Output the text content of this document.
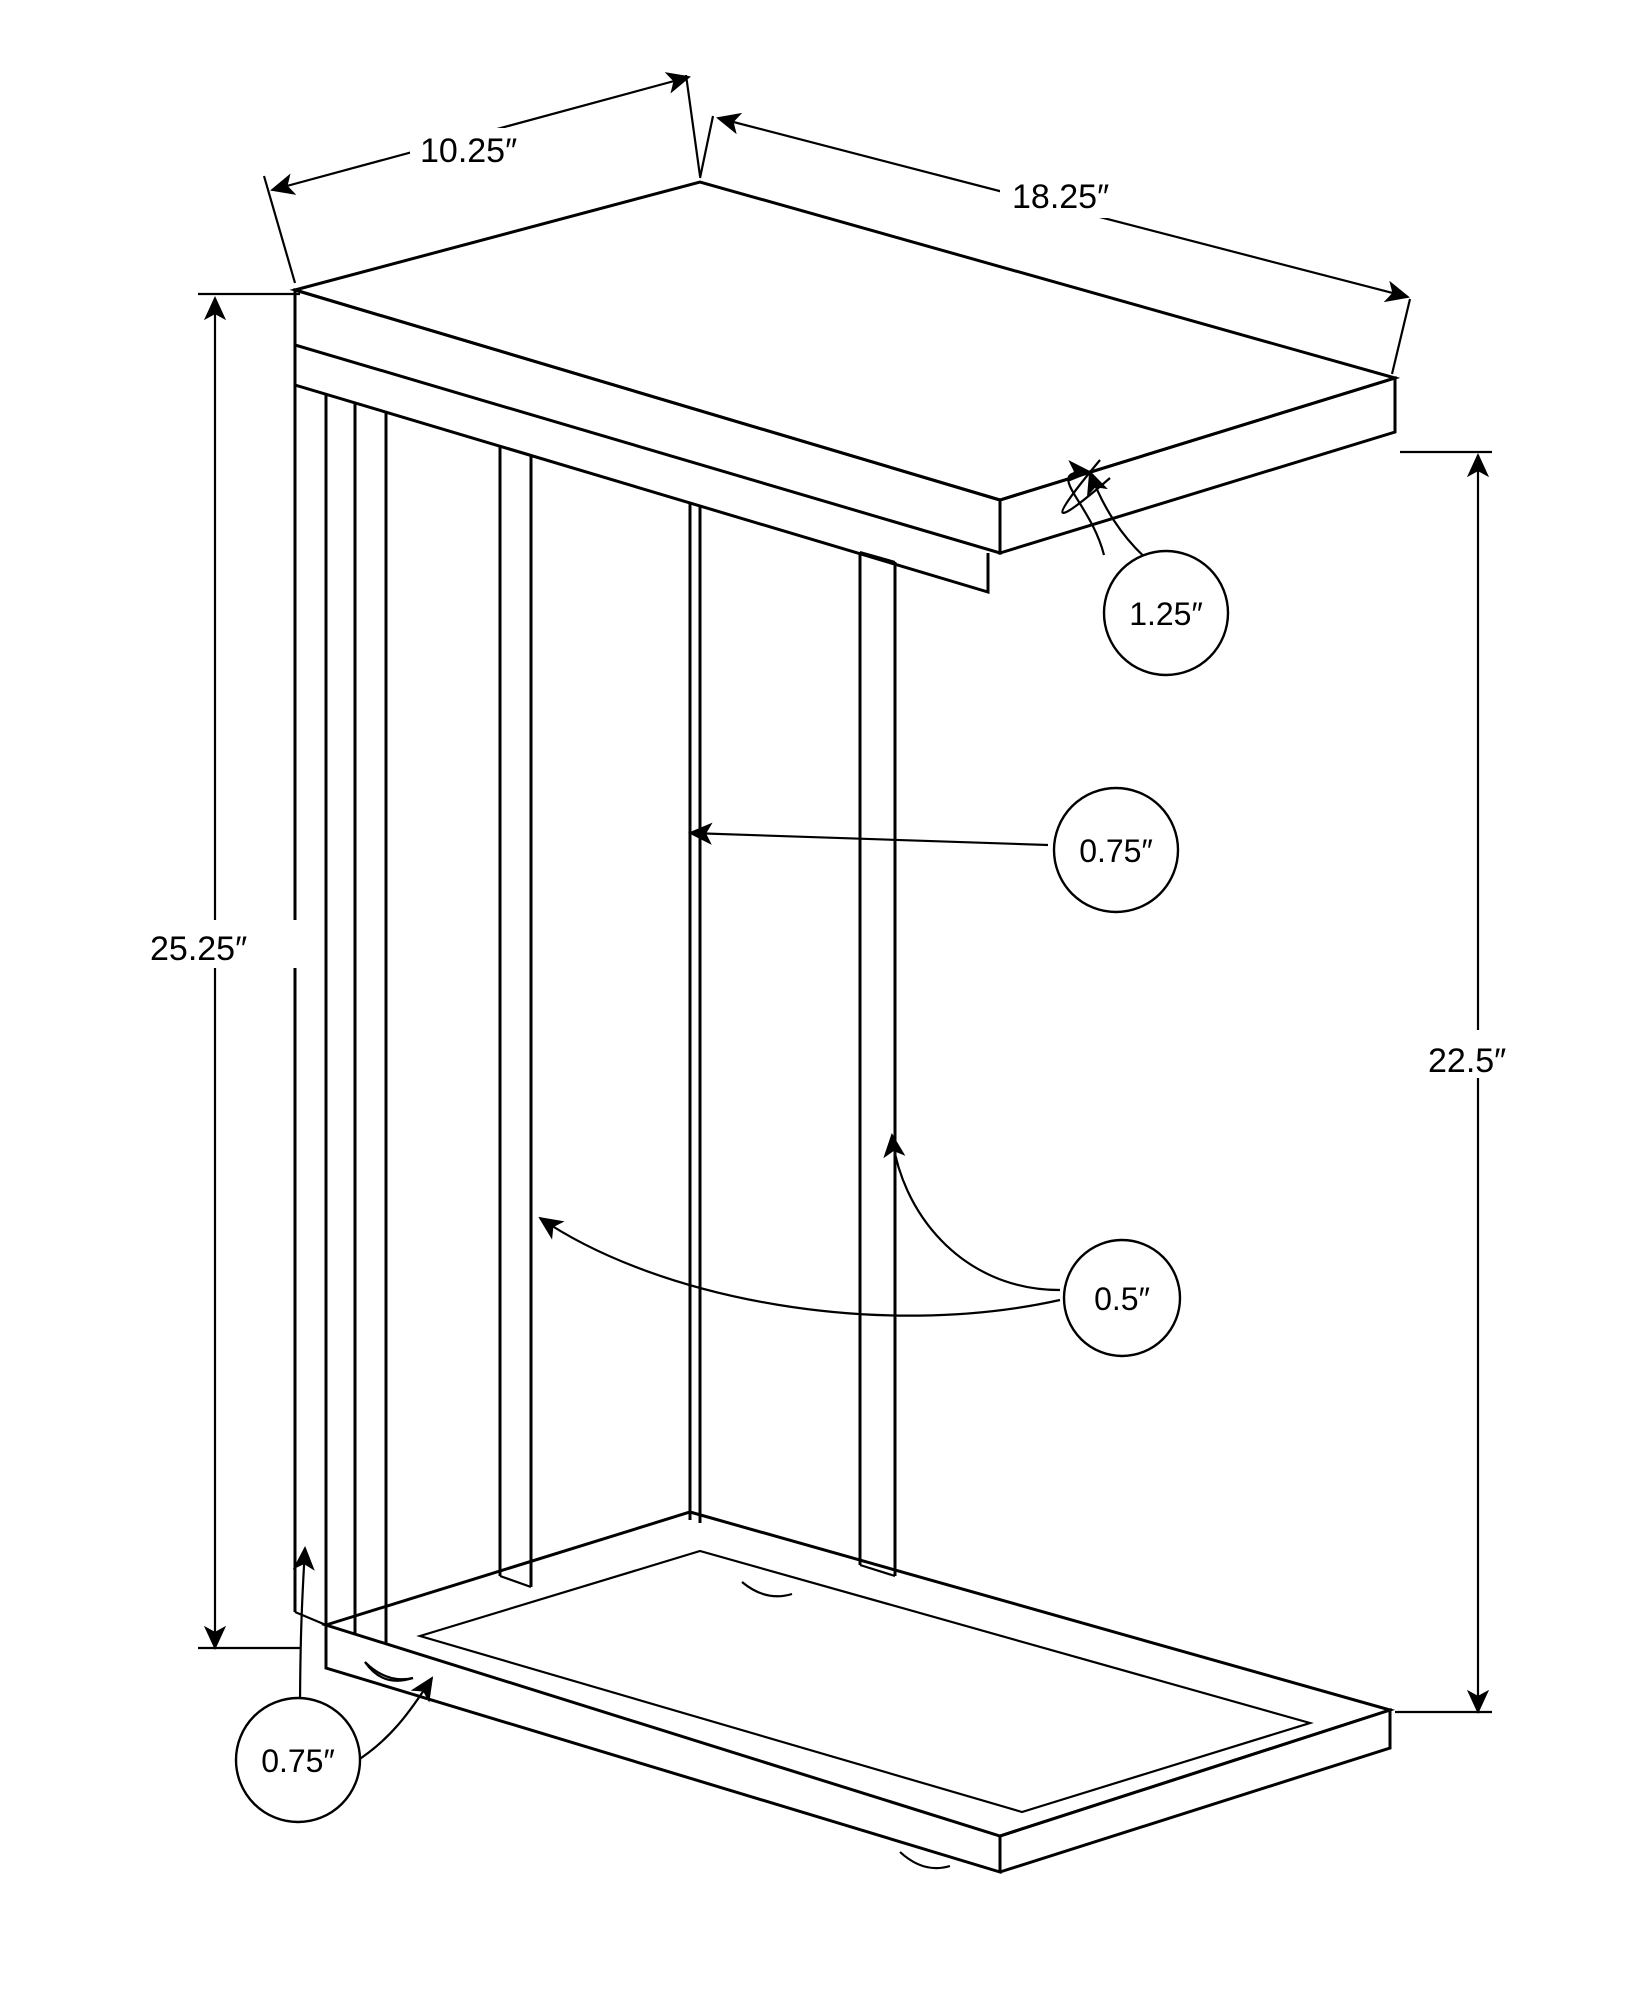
10.25″
18.25″
25.25″
22.5″
1.25″
0.75″
0.5″
0.75″
